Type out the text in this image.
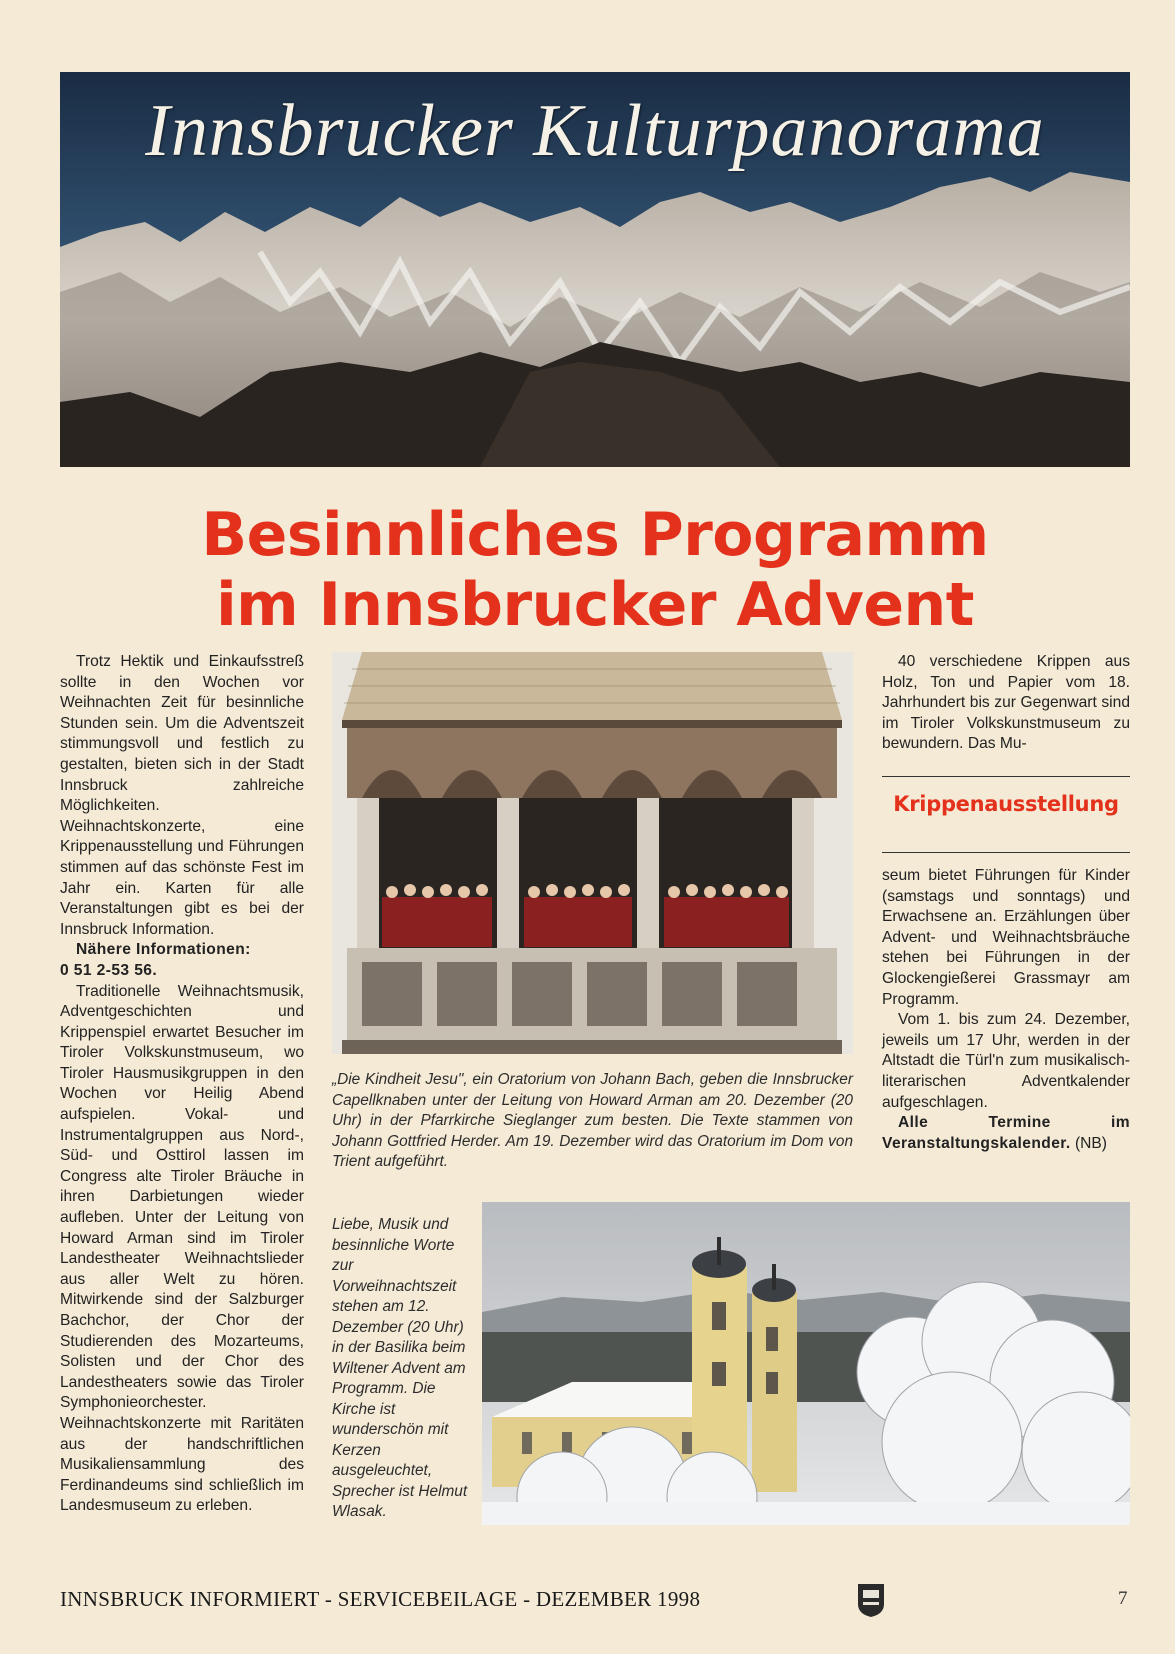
Innsbrucker Kulturpanorama
Besinnliches Programm
im Innsbrucker Advent

Trotz Hektik und Einkaufsstreß sollte in den Wochen vor Weihnachten Zeit für besinnliche Stunden sein. Um die Adventszeit stimmungsvoll und festlich zu gestalten, bieten sich in der Stadt Innsbruck zahlreiche Möglichkeiten. Weihnachtskonzerte, eine Krippenausstellung und Führungen stimmen auf das schönste Fest im Jahr ein. Karten für alle Veranstaltungen gibt es bei der Innsbruck Information.

Nähere Informationen:
0 51 2-53 56.

Traditionelle Weihnachtsmusik, Adventgeschichten und Krippenspiel erwartet Besucher im Tiroler Volkskunstmuseum, wo Tiroler Hausmusikgruppen in den Wochen vor Heilig Abend aufspielen. Vokal- und Instrumentalgruppen aus Nord-, Süd- und Osttirol lassen im Congress alte Tiroler Bräuche in ihren Darbietungen wieder aufleben. Unter der Leitung von Howard Arman sind im Tiroler Landestheater Weihnachtslieder aus aller Welt zu hören. Mitwirkende sind der Salzburger Bachchor, der Chor der Studierenden des Mozarteums, Solisten und der Chor des Landestheaters sowie das Tiroler Symphonieorchester. Weihnachtskonzerte mit Raritäten aus der handschriftlichen Musikaliensammlung des Ferdinandeums sind schließlich im Landesmuseum zu erleben.

„Die Kindheit Jesu", ein Oratorium von Johann Bach, geben die Innsbrucker Capellknaben unter der Leitung von Howard Arman am 20. Dezember (20 Uhr) in der Pfarrkirche Sieglanger zum besten. Die Texte stammen von Johann Gottfried Herder. Am 19. Dezember wird das Oratorium im Dom von Trient aufgeführt.

40 verschiedene Krippen aus Holz, Ton und Papier vom 18. Jahrhundert bis zur Gegenwart sind im Tiroler Volkskunstmuseum zu bewundern. Das Mu-

Krippenausstellung
seum bietet Führungen für Kinder (samstags und sonntags) und Erwachsene an. Erzählungen über Advent- und Weihnachtsbräuche stehen bei Führungen in der Glockengießerei Grassmayr am Programm.

Vom 1. bis zum 24. Dezember, jeweils um 17 Uhr, werden in der Altstadt die Türl'n zum musikalisch-literarischen Adventkalender aufgeschlagen.

Alle Termine im Veranstaltungskalender. (NB)
Liebe, Musik und besinnliche Worte zur Vorweihnachtszeit stehen am 12. Dezember (20 Uhr) in der Basilika beim Wiltener Advent am Programm. Die Kirche ist wunderschön mit Kerzen ausgeleuchtet, Sprecher ist Helmut Wlasak.
INNSBRUCK INFORMIERT - SERVICEBEILAGE - DEZEMBER 1998	7
